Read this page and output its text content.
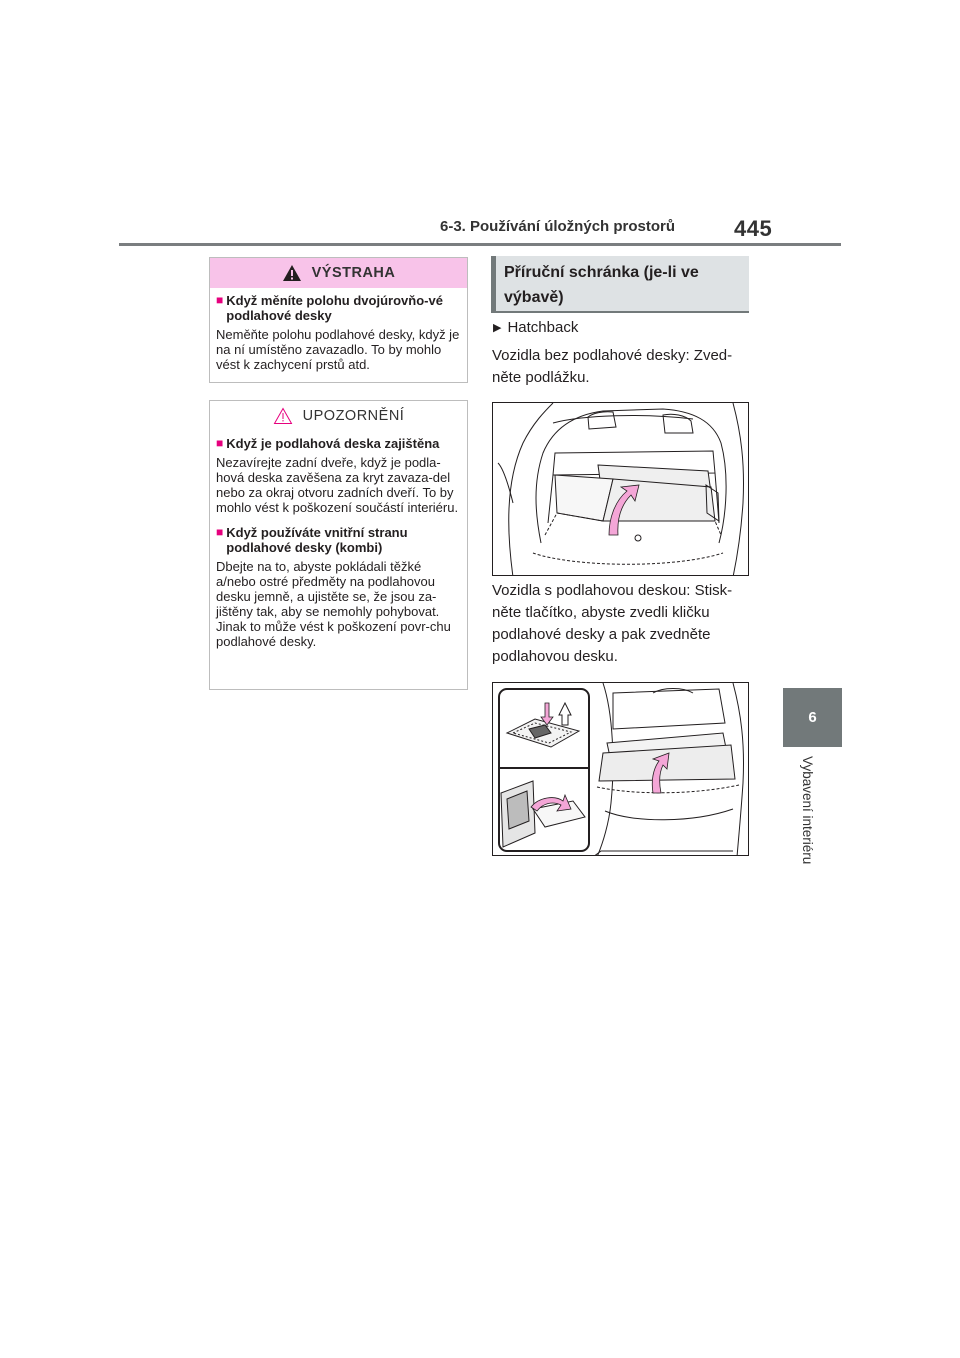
6-3. Používání úložných prostorů	445
6
Vybavení interiéru
VÝSTRAHA
■ Když měníte polohu dvojúrovňo-vé podlahové desky
Neměňte polohu podlahové desky, když je na ní umístěno zavazadlo. To by mohlo vést k zachycení prstů atd.
UPOZORNĚNÍ
■ Když je podlahová deska zajištěna
Nezavírejte zadní dveře, když je podla-hová deska zavěšena za kryt zavaza-del nebo za okraj otvoru zadních dveří. To by mohlo vést k poškození součástí interiéru.
■ Když používáte vnitřní stranu podlahové desky (kombi)
Dbejte na to, abyste pokládali těžké a/nebo ostré předměty na podlahovou desku jemně, a ujistěte se, že jsou za-jištěny tak, aby se nemohly pohybovat. Jinak to může vést k poškození povr-chu podlahové desky.
Příruční schránka (je-li ve výbavě)
▶ Hatchback
Vozidla bez podlahové desky: Zved-něte podlážku.
Vozidla s podlahovou deskou: Stisk-něte tlačítko, abyste zvedli kličku podlahové desky a pak zvedněte podlahovou desku.
